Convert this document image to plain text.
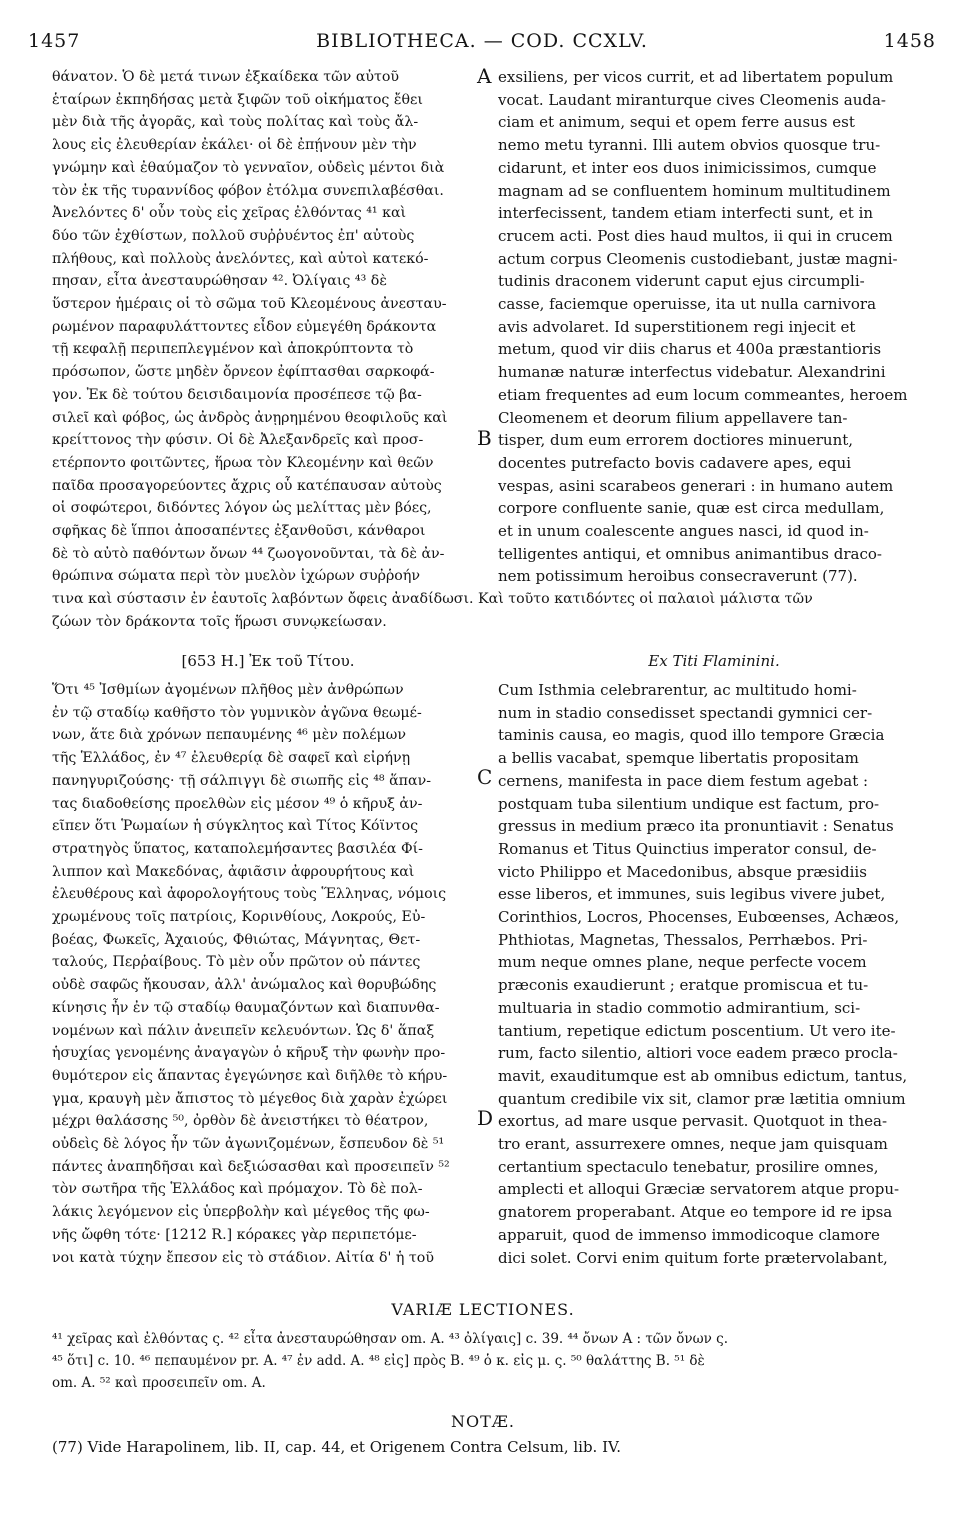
1457	BIBLIOTHECA. — COD. CCXLV.	1458
θάνατον. Ὁ δὲ μετά τινων ἐξκαίδεκα τῶν αὐτοῦ
ἑταίρων ἐκπηδήσας μετὰ ξιφῶν τοῦ οἰκήματος ἔθει
μὲν διὰ τῆς ἀγορᾶς, καὶ τοὺς πολίτας καὶ τοὺς ἄλ-
λους εἰς ἐλευθερίαν ἐκάλει· οἱ δὲ ἐπῄνουν μὲν τὴν
γνώμην καὶ ἐθαύμαζον τὸ γενναῖον, οὐδεὶς μέντοι διὰ
τὸν ἐκ τῆς τυραννίδος φόβον ἐτόλμα συνεπιλαβέσθαι.
Ἀνελόντες δ' οὖν τοὺς εἰς χεῖρας ἐλθόντας ⁴¹ καὶ
δύο τῶν ἐχθίστων, πολλοῦ συῤῥυέντος ἐπ' αὐτοὺς
πλήθους, καὶ πολλοὺς ἀνελόντες, καὶ αὐτοὶ κατεκό-
πησαν, εἶτα ἀνεσταυρώθησαν ⁴². Ὀλίγαις ⁴³ δὲ
ὕστερον ἡμέραις οἱ τὸ σῶμα τοῦ Κλεομένους ἀνεσταυ-
ρωμένον παραφυλάττοντες εἶδον εὐμεγέθη δράκοντα
τῇ κεφαλῇ περιπεπλεγμένον καὶ ἀποκρύπτοντα τὸ
πρόσωπον, ὥστε μηδὲν ὄρνεον ἐφίπτασθαι σαρκοφά-
γον. Ἐκ δὲ τούτου δεισιδαιμονία προσέπεσε τῷ βα-
σιλεῖ καὶ φόβος, ὡς ἀνδρὸς ἀνῃρημένου θεοφιλοῦς καὶ
κρείττονος τὴν φύσιν. Οἱ δὲ Ἀλεξανδρεῖς καὶ προσ-
ετέρποντο φοιτῶντες, ἥρωα τὸν Κλεομένην καὶ θεῶν
παῖδα προσαγορεύοντες ἄχρις οὗ κατέπαυσαν αὐτοὺς
οἱ σοφώτεροι, διδόντες λόγον ὡς μελίττας μὲν βόες,
σφῆκας δὲ ἵπποι ἀποσαπέντες ἐξανθοῦσι, κάνθαροι
δὲ τὸ αὐτὸ παθόντων ὄνων ⁴⁴ ζωογονοῦνται, τὰ δὲ ἀν-
θρώπινα σώματα περὶ τὸν μυελὸν ἰχώρων συῤῥοήν
exsiliens, per vicos currit, et ad libertatem populum
vocat. Laudant miranturque cives Cleomenis auda-
ciam et animum, sequi et opem ferre ausus est
nemo metu tyranni. Illi autem obvios quosque tru-
cidarunt, et inter eos duos inimicissimos, cumque
magnam ad se confluentem hominum multitudinem
interfecissent, tandem etiam interfecti sunt, et in
crucem acti. Post dies haud multos, ii qui in crucem
actum corpus Cleomenis custodiebant, justæ magni-
tudinis draconem viderunt caput ejus circumpli-
casse, faciemque operuisse, ita ut nulla carnivora
avis advolaret. Id superstitionem regi injecit et
metum, quod vir diis charus et 400a præstantioris
humanæ naturæ interfectus videbatur. Alexandrini
etiam frequentes ad eum locum commeantes, heroem
Cleomenem et deorum filium appellavere tan-
tisper, dum eum errorem doctiores minuerunt,
docentes putrefacto bovis cadavere apes, equi
vespas, asini scarabeos generari : in humano autem
corpore confluente sanie, quæ est circa medullam,
et in unum coalescente angues nasci, id quod in-
telligentes antiqui, et omnibus animantibus draco-
nem potissimum heroibus consecraverunt (77).
A
B
τινα καὶ σύστασιν ἐν ἑαυτοῖς λαβόντων ὄφεις ἀναδίδωσι. Καὶ τοῦτο κατιδόντες οἱ παλαιοὶ μάλιστα τῶν
ζώων τὸν δράκοντα τοῖς ἥρωσι συνῳκείωσαν.
[653 H.] Ἐκ τοῦ Τίτου.	Ex Titi Flaminini.
Ὅτι ⁴⁵ Ἰσθμίων ἀγομένων πλῆθος μὲν ἀνθρώπων
ἐν τῷ σταδίῳ καθῆστο τὸν γυμνικὸν ἀγῶνα θεωμέ-
νων, ἅτε διὰ χρόνων πεπαυμένης ⁴⁶ μὲν πολέμων
τῆς Ἑλλάδος, ἐν ⁴⁷ ἐλευθερίᾳ δὲ σαφεῖ καὶ εἰρήνῃ
πανηγυριζούσης· τῇ σάλπιγγι δὲ σιωπῆς εἰς ⁴⁸ ἅπαν-
τας διαδοθείσης προελθὼν εἰς μέσον ⁴⁹ ὁ κῆρυξ ἀν-
εῖπεν ὅτι Ῥωμαίων ἡ σύγκλητος καὶ Τίτος Κόϊντος
στρατηγὸς ὕπατος, καταπολεμήσαντες βασιλέα Φί-
λιππον καὶ Μακεδόνας, ἀφιᾶσιν ἀφρουρήτους καὶ
ἐλευθέρους καὶ ἀφορολογήτους τοὺς Ἕλληνας, νόμοις
χρωμένους τοῖς πατρίοις, Κορινθίους, Λοκρούς, Εὐ-
βοέας, Φωκεῖς, Ἀχαιούς, Φθιώτας, Μάγνητας, Θετ-
ταλούς, Περῥαίβους. Τὸ μὲν οὖν πρῶτον οὐ πάντες
οὐδὲ σαφῶς ἤκουσαν, ἀλλ' ἀνώμαλος καὶ θορυβώδης
κίνησις ἦν ἐν τῷ σταδίῳ θαυμαζόντων καὶ διαπυνθα-
νομένων καὶ πάλιν ἀνειπεῖν κελευόντων. Ὡς δ' ἅπαξ
ἡσυχίας γενομένης ἀναγαγὼν ὁ κῆρυξ τὴν φωνὴν προ-
θυμότερον εἰς ἅπαντας ἐγεγώνησε καὶ διῆλθε τὸ κήρυ-
γμα, κραυγὴ μὲν ἄπιστος τὸ μέγεθος διὰ χαρὰν ἐχώρει
μέχρι θαλάσσης ⁵⁰, ὀρθὸν δὲ ἀνειστήκει τὸ θέατρον,
οὐδεὶς δὲ λόγος ἦν τῶν ἀγωνιζομένων, ἔσπευδον δὲ ⁵¹
πάντες ἀναπηδῆσαι καὶ δεξιώσασθαι καὶ προσειπεῖν ⁵²
τὸν σωτῆρα τῆς Ἑλλάδος καὶ πρόμαχον. Τὸ δὲ πολ-
λάκις λεγόμενον εἰς ὑπερβολὴν καὶ μέγεθος τῆς φω-
νῆς ὤφθη τότε· [1212 R.] κόρακες γὰρ περιπετόμε-
νοι κατὰ τύχην ἔπεσον εἰς τὸ στάδιον. Αἰτία δ' ἡ τοῦ
Cum Isthmia celebrarentur, ac multitudo homi-
num in stadio consedisset spectandi gymnici cer-
taminis causa, eo magis, quod illo tempore Græcia
a bellis vacabat, spemque libertatis propositam
cernens, manifesta in pace diem festum agebat :
postquam tuba silentium undique est factum, pro-
gressus in medium præco ita pronuntiavit : Senatus
Romanus et Titus Quinctius imperator consul, de-
victo Philippo et Macedonibus, absque præsidiis
esse liberos, et immunes, suis legibus vivere jubet,
Corinthios, Locros, Phocenses, Eubœenses, Achæos,
Phthiotas, Magnetas, Thessalos, Perrhæbos. Pri-
mum neque omnes plane, neque perfecte vocem
præconis exaudierunt ; eratque promiscua et tu-
multuaria in stadio commotio admirantium, sci-
tantium, repetique edictum poscentium. Ut vero ite-
rum, facto silentio, altiori voce eadem præco procla-
mavit, exauditumque est ab omnibus edictum, tantus,
quantum credibile vix sit, clamor præ lætitia omnium
exortus, ad mare usque pervasit. Quotquot in thea-
tro erant, assurrexere omnes, neque jam quisquam
certantium spectaculo tenebatur, prosilire omnes,
amplecti et alloqui Græciæ servatorem atque propu-
gnatorem properabant. Atque eo tempore id re ipsa
apparuit, quod de immenso immodicoque clamore
dici solet. Corvi enim quitum forte prætervolabant,
C
D
VARIÆ LECTIONES.
⁴¹ χεῖρας καὶ ἐλθόντας ς. ⁴² εἶτα ἀνεσταυρώθησαν om. A. ⁴³ ὀλίγαις] c. 39. ⁴⁴ ὄνων A : τῶν ὄνων ς.
⁴⁵ ὅτι] c. 10. ⁴⁶ πεπαυμένον pr. A. ⁴⁷ ἐν add. A. ⁴⁸ εἰς] πρὸς B. ⁴⁹ ὁ κ. εἰς μ. ς. ⁵⁰ θαλάττης B. ⁵¹ δὲ
om. A. ⁵² καὶ προσειπεῖν om. A.
NOTÆ.
(77) Vide Harapolinem, lib. II, cap. 44, et Origenem Contra Celsum, lib. IV.
